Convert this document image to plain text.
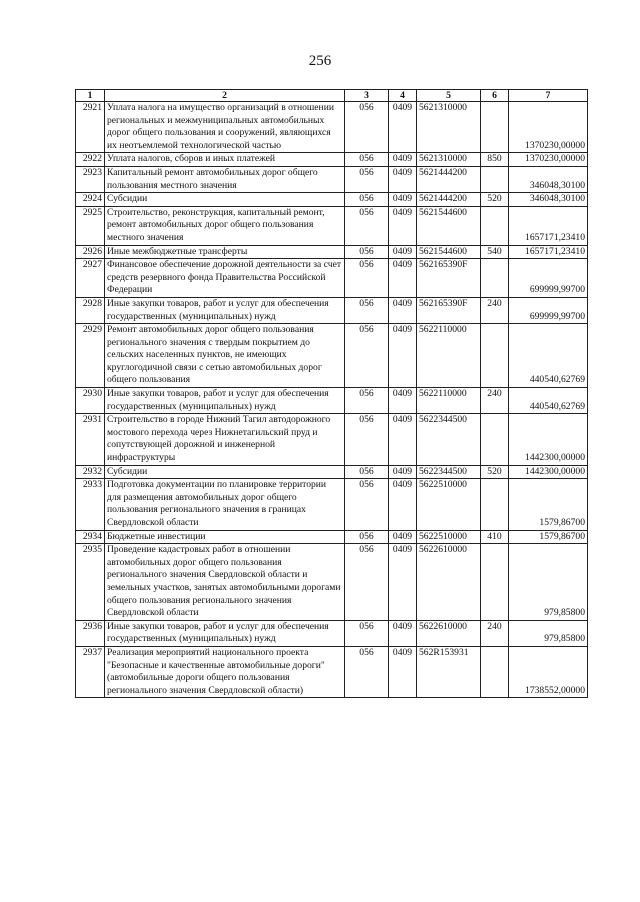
256
1	2	3	4	5	6	7
2921	Уплата налога на имущество организаций в отношении региональных и межмуниципальных автомобильных дорог общего пользования и сооружений, являющихся их неотъемлемой технологической частью	056	0409	5621310000		1370230,00000
2922	Уплата налогов, сборов и иных платежей	056	0409	5621310000	850	1370230,00000
2923	Капитальный ремонт автомобильных дорог общего пользования местного значения	056	0409	5621444200		346048,30100
2924	Субсидии	056	0409	5621444200	520	346048,30100
2925	Строительство, реконструкция, капитальный ремонт, ремонт автомобильных дорог общего пользования местного значения	056	0409	5621544600		1657171,23410
2926	Иные межбюджетные трансферты	056	0409	5621544600	540	1657171,23410
2927	Финансовое обеспечение дорожной деятельности за счет средств резервного фонда Правительства Российской Федерации	056	0409	562165390F		699999,99700
2928	Иные закупки товаров, работ и услуг для обеспечения государственных (муниципальных) нужд	056	0409	562165390F	240	699999,99700
2929	Ремонт автомобильных дорог общего пользования регионального значения с твердым покрытием до сельских населенных пунктов, не имеющих круглогодичной связи с сетью автомобильных дорог общего пользования	056	0409	5622110000		440540,62769
2930	Иные закупки товаров, работ и услуг для обеспечения государственных (муниципальных) нужд	056	0409	5622110000	240	440540,62769
2931	Строительство в городе Нижний Тагил автодорожного мостового перехода через Нижнетагильский пруд и сопутствующей дорожной и инженерной инфраструктуры	056	0409	5622344500		1442300,00000
2932	Субсидии	056	0409	5622344500	520	1442300,00000
2933	Подготовка документации по планировке территории для размещения автомобильных дорог общего пользования регионального значения в границах Свердловской области	056	0409	5622510000		1579,86700
2934	Бюджетные инвестиции	056	0409	5622510000	410	1579,86700
2935	Проведение кадастровых работ в отношении автомобильных дорог общего пользования регионального значения Свердловской области и земельных участков, занятых автомобильными дорогами общего пользования регионального значения Свердловской области	056	0409	5622610000		979,85800
2936	Иные закупки товаров, работ и услуг для обеспечения государственных (муниципальных) нужд	056	0409	5622610000	240	979,85800
2937	Реализация мероприятий национального проекта "Безопасные и качественные автомобильные дороги" (автомобильные дороги общего пользования регионального значения Свердловской области)	056	0409	562R153931		1738552,00000
